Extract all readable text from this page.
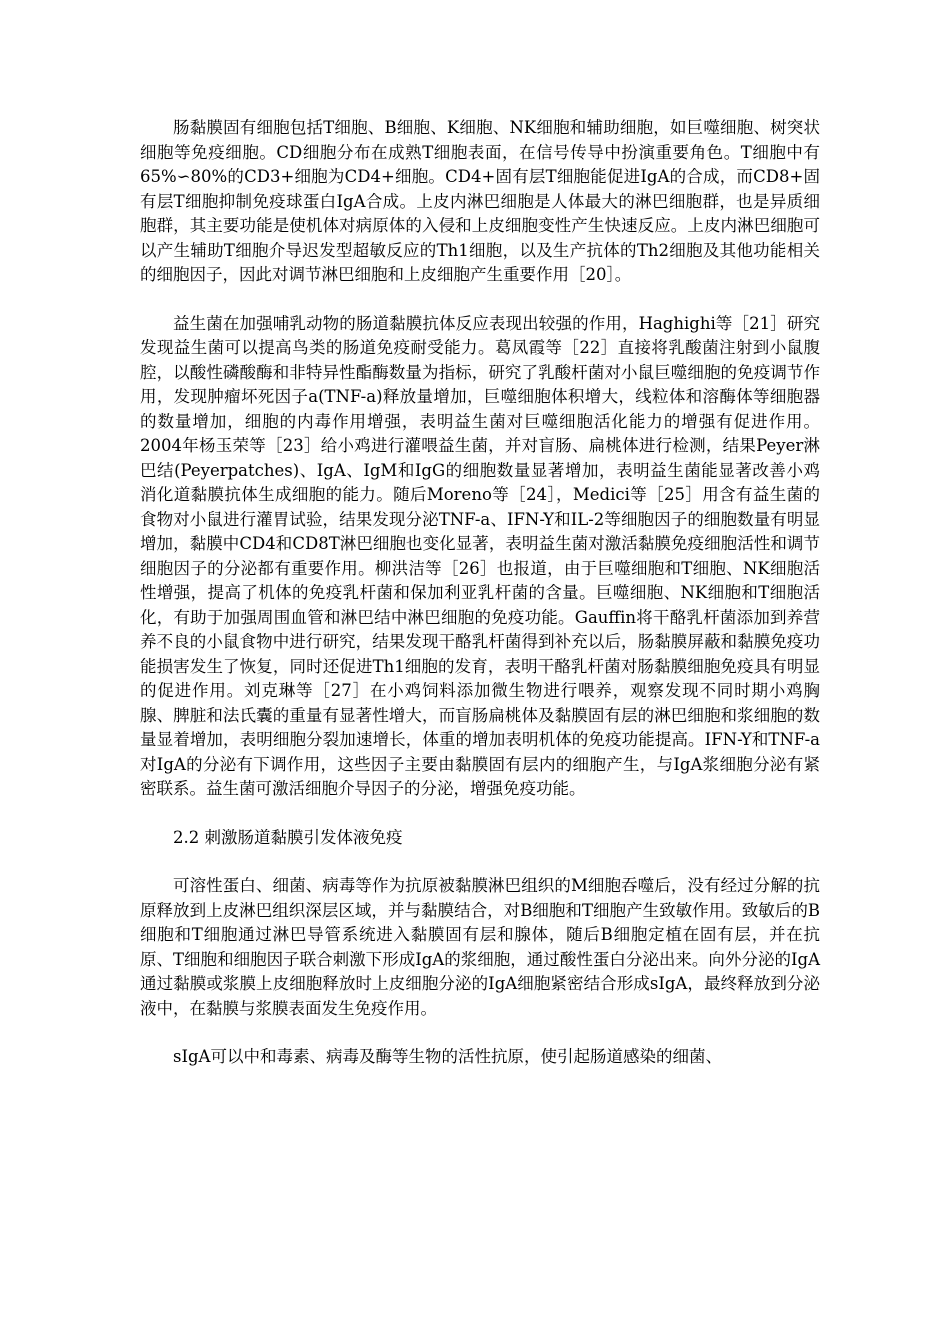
肠黏膜固有细胞包括T细胞、B细胞、K细胞、NK细胞和辅助细胞，如巨噬细胞、树突状细胞等免疫细胞。CD细胞分布在成熟T细胞表面，在信号传导中扮演重要角色。T细胞中有65%∽80%的CD3+细胞为CD4+细胞。CD4+固有层T细胞能促进IgA的合成，而CD8+固有层T细胞抑制免疫球蛋白IgA合成。上皮内淋巴细胞是人体最大的淋巴细胞群，也是异质细胞群，其主要功能是使机体对病原体的入侵和上皮细胞变性产生快速反应。上皮内淋巴细胞可以产生辅助T细胞介导迟发型超敏反应的Th1细胞，以及生产抗体的Th2细胞及其他功能相关的细胞因子，因此对调节淋巴细胞和上皮细胞产生重要作用［20］。

益生菌在加强哺乳动物的肠道黏膜抗体反应表现出较强的作用，Haghighi等［21］研究发现益生菌可以提高鸟类的肠道免疫耐受能力。葛凤霞等［22］直接将乳酸菌注射到小鼠腹腔，以酸性磷酸酶和非特异性酯酶数量为指标，研究了乳酸杆菌对小鼠巨噬细胞的免疫调节作用，发现肿瘤坏死因子a(TNF-a)释放量增加，巨噬细胞体积增大，线粒体和溶酶体等细胞器的数量增加，细胞的内毒作用增强，表明益生菌对巨噬细胞活化能力的增强有促进作用。2004年杨玉荣等［23］给小鸡进行灌喂益生菌，并对盲肠、扁桃体进行检测，结果Peyer淋巴结(Peyerpatches)、IgA、IgM和IgG的细胞数量显著增加，表明益生菌能显著改善小鸡消化道黏膜抗体生成细胞的能力。随后Moreno等［24］，Medici等［25］用含有益生菌的食物对小鼠进行灌胃试验，结果发现分泌TNF-a、IFN-Y和IL-2等细胞因子的细胞数量有明显增加，黏膜中CD4和CD8T淋巴细胞也变化显著，表明益生菌对激活黏膜免疫细胞活性和调节细胞因子的分泌都有重要作用。柳洪洁等［26］也报道，由于巨噬细胞和T细胞、NK细胞活性增强，提高了机体的免疫乳杆菌和保加利亚乳杆菌的含量。巨噬细胞、NK细胞和T细胞活化，有助于加强周围血管和淋巴结中淋巴细胞的免疫功能。Gauffin将干酪乳杆菌添加到养营养不良的小鼠食物中进行研究，结果发现干酪乳杆菌得到补充以后，肠黏膜屏蔽和黏膜免疫功能损害发生了恢复，同时还促进Th1细胞的发育，表明干酪乳杆菌对肠黏膜细胞免疫具有明显的促进作用。刘克琳等［27］在小鸡饲料添加微生物进行喂养，观察发现不同时期小鸡胸腺、脾脏和法氏囊的重量有显著性增大，而盲肠扁桃体及黏膜固有层的淋巴细胞和浆细胞的数量显着增加，表明细胞分裂加速增长，体重的增加表明机体的免疫功能提高。IFN-Y和TNF-a对IgA的分泌有下调作用，这些因子主要由黏膜固有层内的细胞产生，与IgA浆细胞分泌有紧密联系。益生菌可激活细胞介导因子的分泌，增强免疫功能。

2.2 刺激肠道黏膜引发体液免疫

可溶性蛋白、细菌、病毒等作为抗原被黏膜淋巴组织的M细胞吞噬后，没有经过分解的抗原释放到上皮淋巴组织深层区域，并与黏膜结合，对B细胞和T细胞产生致敏作用。致敏后的B细胞和T细胞通过淋巴导管系统进入黏膜固有层和腺体，随后B细胞定植在固有层，并在抗原、T细胞和细胞因子联合刺激下形成IgA的浆细胞，通过酸性蛋白分泌出来。向外分泌的IgA通过黏膜或浆膜上皮细胞释放时上皮细胞分泌的IgA细胞紧密结合形成sIgA，最终释放到分泌液中，在黏膜与浆膜表面发生免疫作用。

sIgA可以中和毒素、病毒及酶等生物的活性抗原，使引起肠道感染的细菌、
